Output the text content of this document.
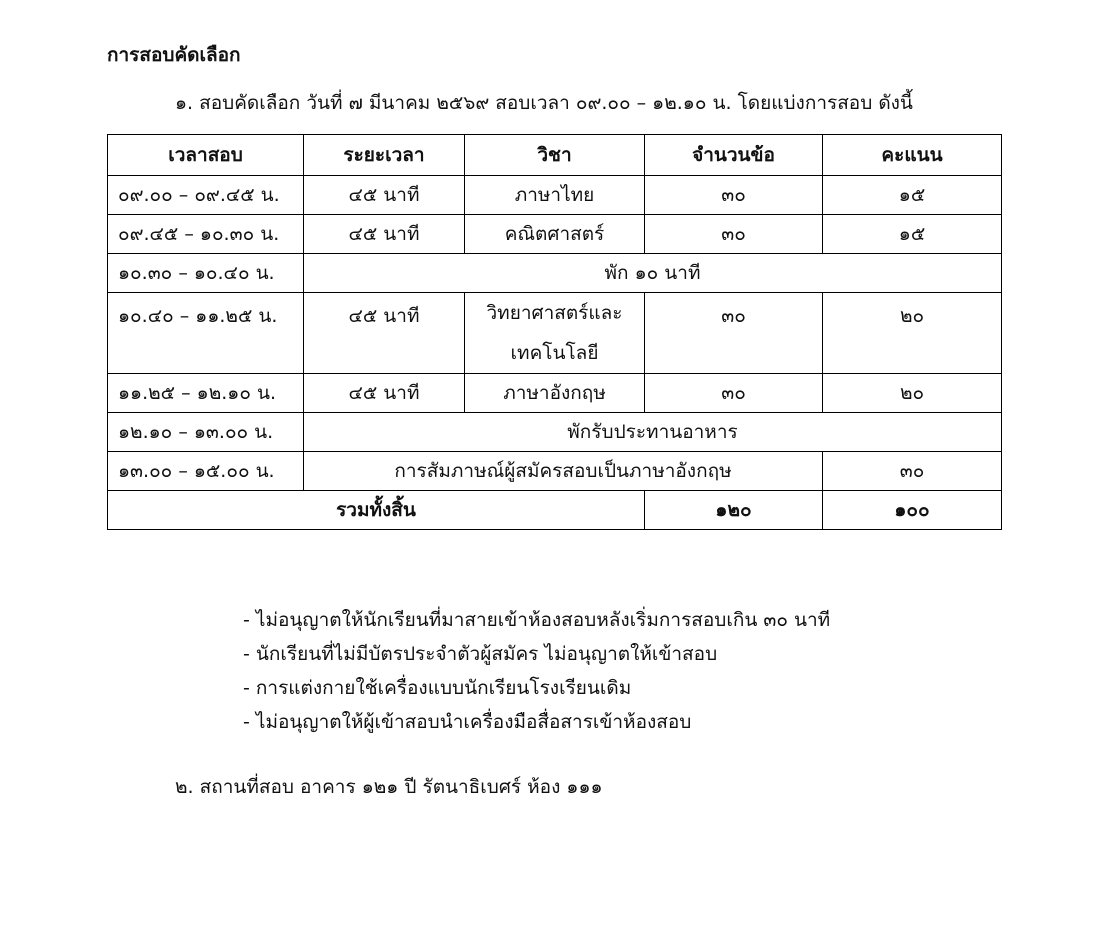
การสอบคัดเลือก
๑. สอบคัดเลือก วันที่ ๗ มีนาคม ๒๕๖๙ สอบเวลา ๐๙.๐๐ – ๑๒.๑๐ น. โดยแบ่งการสอบ ดังนี้
เวลาสอบ	ระยะเวลา	วิชา	จำนวนข้อ	คะแนน
๐๙.๐๐ – ๐๙.๔๕ น.	๔๕ นาที	ภาษาไทย	๓๐	๑๕
๐๙.๔๕ – ๑๐.๓๐ น.	๔๕ นาที	คณิตศาสตร์	๓๐	๑๕
๑๐.๓๐ – ๑๐.๔๐ น.	พัก ๑๐ นาที			
๑๐.๔๐ – ๑๑.๒๕ น.	๔๕ นาที	วิทยาศาสตร์และเทคโนโลยี	๓๐	๒๐
๑๑.๒๕ – ๑๒.๑๐ น.	๔๕ นาที	ภาษาอังกฤษ	๓๐	๒๐
๑๒.๑๐ – ๑๓.๐๐ น.	พักรับประทานอาหาร			
๑๓.๐๐ – ๑๕.๐๐ น.	การสัมภาษณ์ผู้สมัครสอบเป็นภาษาอังกฤษ			๓๐
รวมทั้งสิ้น			๑๒๐	๑๐๐
- ไม่อนุญาตให้นักเรียนที่มาสายเข้าห้องสอบหลังเริ่มการสอบเกิน ๓๐ นาที
- นักเรียนที่ไม่มีบัตรประจำตัวผู้สมัคร ไม่อนุญาตให้เข้าสอบ
- การแต่งกายใช้เครื่องแบบนักเรียนโรงเรียนเดิม
- ไม่อนุญาตให้ผู้เข้าสอบนำเครื่องมือสื่อสารเข้าห้องสอบ
๒. สถานที่สอบ อาคาร ๑๒๑ ปี รัตนาธิเบศร์ ห้อง ๑๑๑
